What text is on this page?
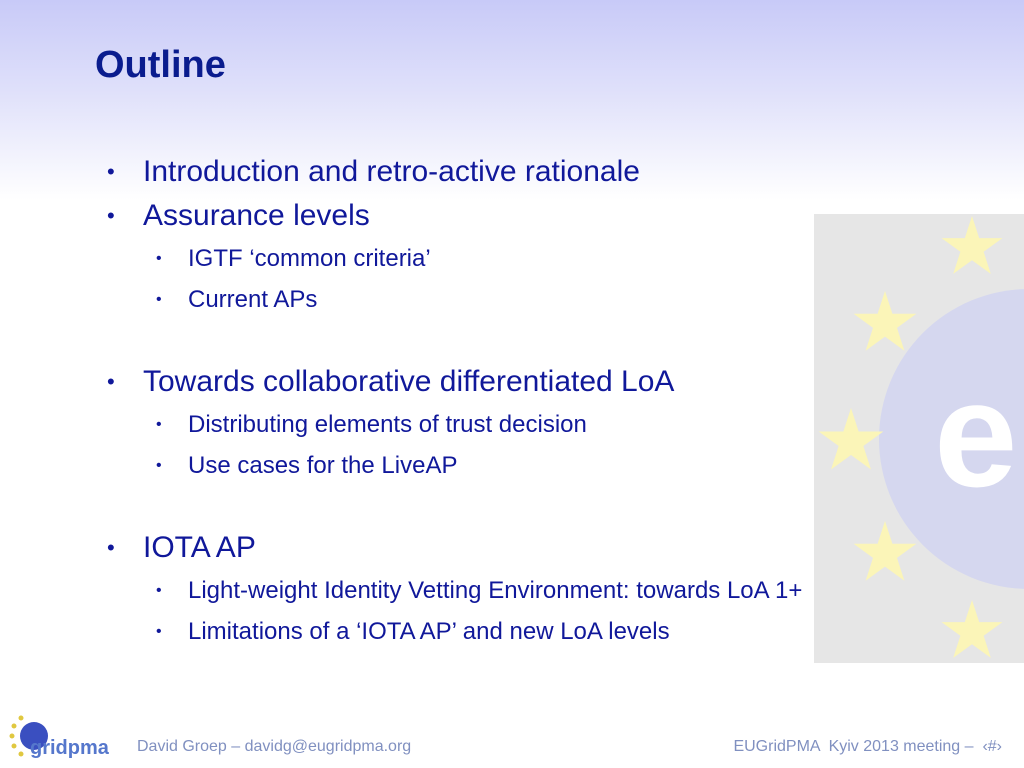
Outline
e
• Introduction and retro-active rationale
• Assurance levels
• IGTF ‘common criteria’
• Current APs
• Towards collaborative differentiated LoA
• Distributing elements of trust decision
• Use cases for the LiveAP
• IOTA AP
• Light-weight Identity Vetting Environment: towards LoA 1+
• Limitations of a ‘IOTA AP’ and new LoA levels
gridpma David Groep – davidg@eugridpma.org	EUGridPMA  Kyiv 2013 meeting –  ‹#›
